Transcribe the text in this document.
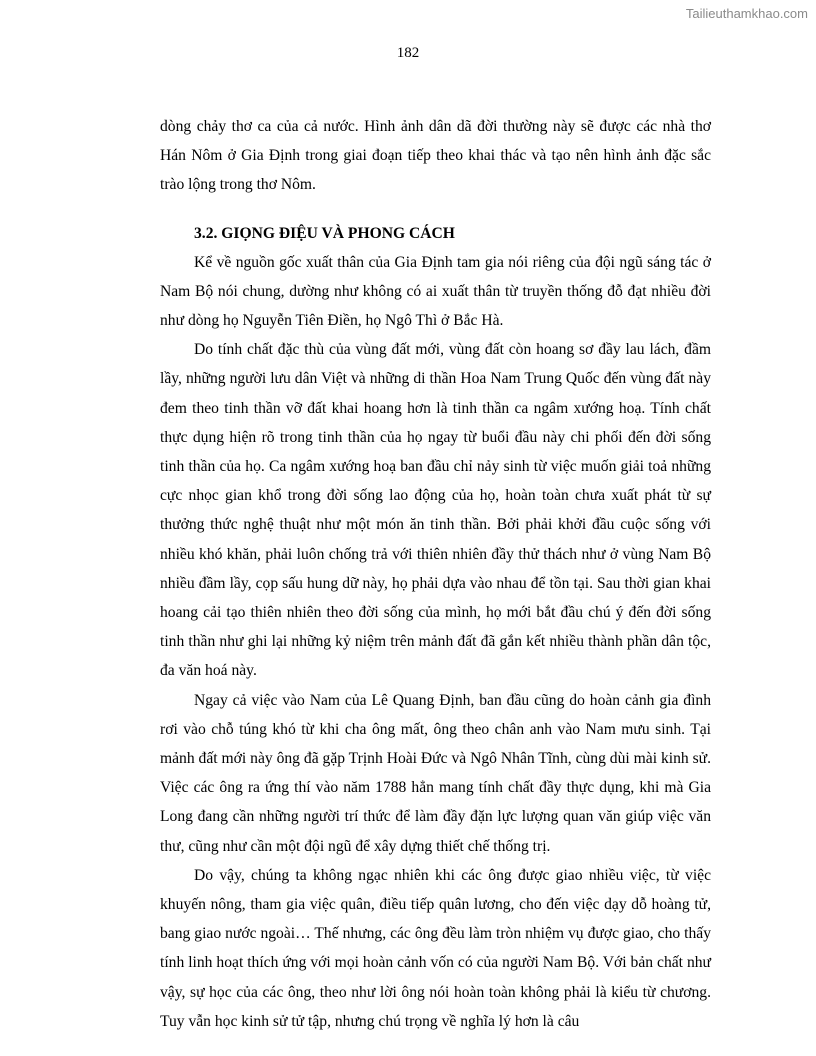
Tailieuthamkhao.com
182

dòng chảy thơ ca của cả nước. Hình ảnh dân dã đời thường này sẽ được các nhà thơ Hán Nôm ở Gia Định trong giai đoạn tiếp theo khai thác và tạo nên hình ảnh đặc sắc trào lộng trong thơ Nôm.

3.2. GIỌNG ĐIỆU VÀ PHONG CÁCH

Kể về nguồn gốc xuất thân của Gia Định tam gia nói riêng của đội ngũ sáng tác ở Nam Bộ nói chung, dường như không có ai xuất thân từ truyền thống đỗ đạt nhiều đời như dòng họ Nguyễn Tiên Điền, họ Ngô Thì ở Bắc Hà.

Do tính chất đặc thù của vùng đất mới, vùng đất còn hoang sơ đầy lau lách, đầm lầy, những người lưu dân Việt và những di thần Hoa Nam Trung Quốc đến vùng đất này đem theo tinh thần vỡ đất khai hoang hơn là tinh thần ca ngâm xướng hoạ. Tính chất thực dụng hiện rõ trong tinh thần của họ ngay từ buổi đầu này chi phối đến đời sống tinh thần của họ. Ca ngâm xướng hoạ ban đầu chỉ nảy sinh từ việc muốn giải toả những cực nhọc gian khổ trong đời sống lao động của họ, hoàn toàn chưa xuất phát từ sự thưởng thức nghệ thuật như một món ăn tinh thần. Bởi phải khởi đầu cuộc sống với nhiều khó khăn, phải luôn chống trả với thiên nhiên đầy thử thách như ở vùng Nam Bộ nhiều đầm lầy, cọp sấu hung dữ này, họ phải dựa vào nhau để tồn tại. Sau thời gian khai hoang cải tạo thiên nhiên theo đời sống của mình, họ mới bắt đầu chú ý đến đời sống tinh thần như ghi lại những kỷ niệm trên mảnh đất đã gắn kết nhiều thành phần dân tộc, đa văn hoá này.

Ngay cả việc vào Nam của Lê Quang Định, ban đầu cũng do hoàn cảnh gia đình rơi vào chỗ túng khó từ khi cha ông mất, ông theo chân anh vào Nam mưu sinh. Tại mảnh đất mới này ông đã gặp Trịnh Hoài Đức và Ngô Nhân Tĩnh, cùng dùi mài kinh sử. Việc các ông ra ứng thí vào năm 1788 hẳn mang tính chất đầy thực dụng, khi mà Gia Long đang cần những người trí thức để làm đầy đặn lực lượng quan văn giúp việc văn thư, cũng như cần một đội ngũ để xây dựng thiết chế thống trị.

Do vậy, chúng ta không ngạc nhiên khi các ông được giao nhiều việc, từ việc khuyến nông, tham gia việc quân, điều tiếp quân lương, cho đến việc dạy dỗ hoàng tử, bang giao nước ngoài… Thế nhưng, các ông đều làm tròn nhiệm vụ được giao, cho thấy tính linh hoạt thích ứng với mọi hoàn cảnh vốn có của người Nam Bộ. Với bản chất như vậy, sự học của các ông, theo như lời ông nói hoàn toàn không phải là kiểu từ chương. Tuy vẫn học kinh sử tử tập, nhưng chú trọng về nghĩa lý hơn là câu
